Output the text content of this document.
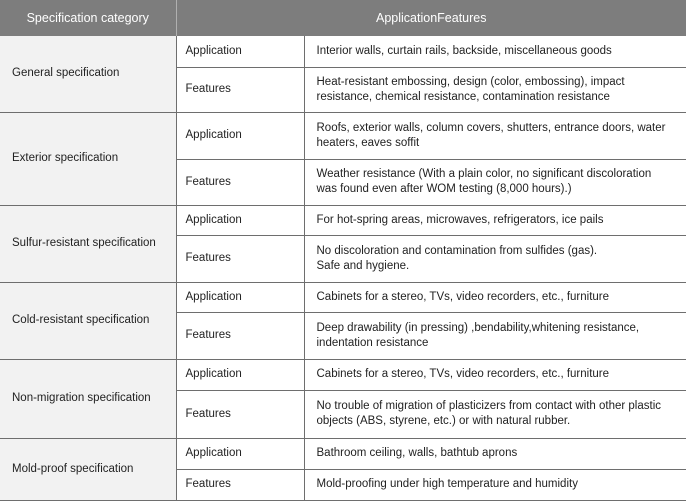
Specification category	ApplicationFeatures	
General specification	Application	Interior walls, curtain rails, backside, miscellaneous goods

	Features	Heat-resistant embossing, design (color, embossing), impact
resistance, chemical resistance, contamination resistance

Exterior specification	Application	Roofs, exterior walls, column covers, shutters, entrance doors, water
heaters, eaves soffit

	Features	Weather resistance (With a plain color, no significant discoloration
was found even after WOM testing (8,000 hours).)

Sulfur-resistant specification	Application	For hot-spring areas, microwaves, refrigerators, ice pails

	Features	No discoloration and contamination from sulfides (gas).
Safe and hygiene.

Cold-resistant specification	Application	Cabinets for a stereo, TVs, video recorders, etc., furniture

	Features	Deep drawability (in pressing) ,bendability,whitening resistance,
indentation resistance

Non-migration specification	Application	Cabinets for a stereo, TVs, video recorders, etc., furniture

	Features	No trouble of migration of plasticizers from contact with other plastic
objects (ABS, styrene, etc.) or with natural rubber.

Mold-proof specification	Application	Bathroom ceiling, walls, bathtub aprons

	Features	Mold-proofing under high temperature and humidity
